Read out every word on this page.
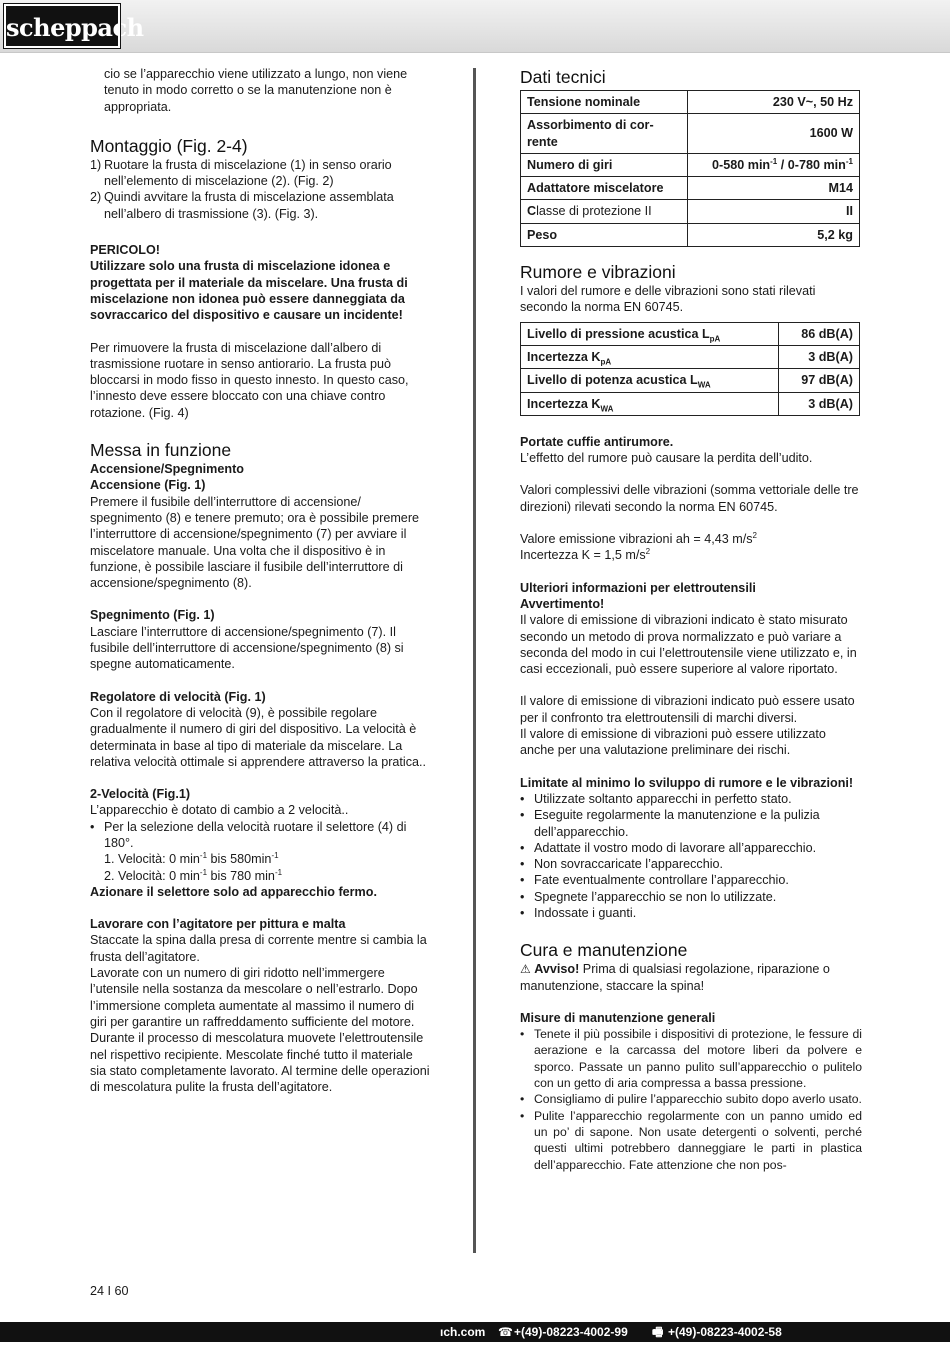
scheppach

cio se l’apparecchio viene utilizzato a lungo, non viene tenuto in modo corretto o se la manutenzione non è appropriata.

Montaggio (Fig. 2-4)
1) Ruotare la frusta di miscelazione (1) in senso orario nell’elemento di miscelazione (2). (Fig. 2)
2) Quindi avvitare la frusta di miscelazione assemblata nell’albero di trasmissione (3). (Fig. 3).

PERICOLO!

Utilizzare solo una frusta di miscelazione idonea e progettata per il materiale da miscelare. Una frusta di miscelazione non idonea può essere danneggiata da sovraccarico del dispositivo e causare un incidente!

Per rimuovere la frusta di miscelazione dall’albero di trasmissione ruotare in senso antiorario. La frusta può bloccarsi in modo fisso in questo innesto. In questo caso, l’innesto deve essere bloccato con una chiave contro rotazione. (Fig. 4)

Messa in funzione

Accensione/Spegnimento

Accensione (Fig. 1)

Premere il fusibile dell’interruttore di accensione/ spegnimento (8) e tenere premuto; ora è possibile premere l’interruttore di accensione/spegnimento (7) per avviare il miscelatore manuale. Una volta che il dispositivo è in funzione, è possibile lasciare il fusibile dell’interruttore di accensione/spegnimento (8).

Spegnimento (Fig. 1)

Lasciare l’interruttore di accensione/spegnimento (7). Il fusibile dell’interruttore di accensione/spegnimento (8) si spegne automaticamente.

Regolatore di velocità (Fig. 1)

Con il regolatore di velocità (9), è possibile regolare gradualmente il numero di giri del dispositivo. La velocità è determinata in base al tipo di materiale da miscelare. La relativa velocità ottimale si apprendere attraverso la pratica..

2-Velocità (Fig.1)

L’apparecchio è dotato di cambio a 2 velocità..

• Per la selezione della velocità ruotare il selettore (4) di 180°.

1. Velocità: 0 $\min^{-1}$ bis $580\min^{-1}$

2. Velocità: 0 $\min^{-1}$ bis 780 $\min^{-1}$

Azionare il selettore solo ad apparecchio fermo.

Lavorare con l’agitatore per pittura e malta

Staccate la spina dalla presa di corrente mentre si cambia la frusta dell’agitatore.

Lavorate con un numero di giri ridotto nell’immergere l’utensile nella sostanza da mescolare o nell’estrarlo. Dopo l’immersione completa aumentate al massimo il numero di giri per garantire un raffreddamento sufficiente del motore. Durante il processo di mescolatura muovete l’elettroutensile nel rispettivo recipiente. Mescolate finché tutto il materiale sia stato completamente lavorato. Al termine delle operazioni di mescolatura pulite la frusta dell’agitatore.

Dati tecnici
Tensione nominale	230 V~, 50 Hz
Assorbimento di cor-
rente	1600 W
Numero di giri	0-580 $\min^{-1} / 0-780$ $\min^{-1}$
Adattatore miscelatore	M14
Classe di protezione II	II
Peso	5,2 kg
Rumore e vibrazioni

I valori del rumore e delle vibrazioni sono stati rilevati secondo la norma EN 60745.

Livello di pressione acustica $L_{pA}$	86 dB(A)
Incertezza $K_{pA}$	3 dB(A)
Livello di potenza acustica $L_{WA}$	97 dB(A)
Incertezza $K_{WA}$	3 dB(A)

Portate cuffie antirumore.

L’effetto del rumore può causare la perdita dell’udito.

Valori complessivi delle vibrazioni (somma vettoriale delle tre direzioni) rilevati secondo la norma EN 60745.

Valore emissione vibrazioni ah = 4,43 $m/s^2$

Incertezza K = 1,5 $m/s^2$

Ulteriori informazioni per elettroutensili

Avvertimento!

Il valore di emissione di vibrazioni indicato è stato misurato secondo un metodo di prova normalizzato e può variare a seconda del modo in cui l’elettroutensile viene utilizzato e, in casi eccezionali, può essere superiore al valore riportato.

Il valore di emissione di vibrazioni indicato può essere usato per il confronto tra elettroutensili di marchi diversi.

Il valore di emissione di vibrazioni può essere utilizzato anche per una valutazione preliminare dei rischi.

Limitate al minimo lo sviluppo di rumore e le vibrazioni!

• Utilizzate soltanto apparecchi in perfetto stato.
• Eseguite regolarmente la manutenzione e la pulizia dell’apparecchio.
• Adattate il vostro modo di lavorare all’apparecchio.
• Non sovraccaricate l’apparecchio.
• Fate eventualmente controllare l’apparecchio.
• Spegnete l’apparecchio se non lo utilizzate.
• Indossate i guanti.
Cura e manutenzione

⚠ Avviso! Prima di qualsiasi regolazione, riparazione o manutenzione, staccare la spina!

Misure di manutenzione generali

• Tenete il più possibile i dispositivi di protezione, le fessure di aerazione e la carcassa del motore liberi da polvere e sporco. Passate un panno pulito sull’apparecchio o pulitelo con un getto di aria compressa a bassa pressione.
• Consigliamo di pulire l’apparecchio subito dopo averlo usato.
• Pulite l’apparecchio regolarmente con un panno umido ed un po’ di sapone. Non usate detergenti o solventi, perché questi ultimi potrebbero danneggiare le parti in plastica dell’apparecchio. Fate attenzione che non pos-
24 I 60
ıch.com ☎ +(49)-08223-4002-99 🖷 +(49)-08223-4002-58
